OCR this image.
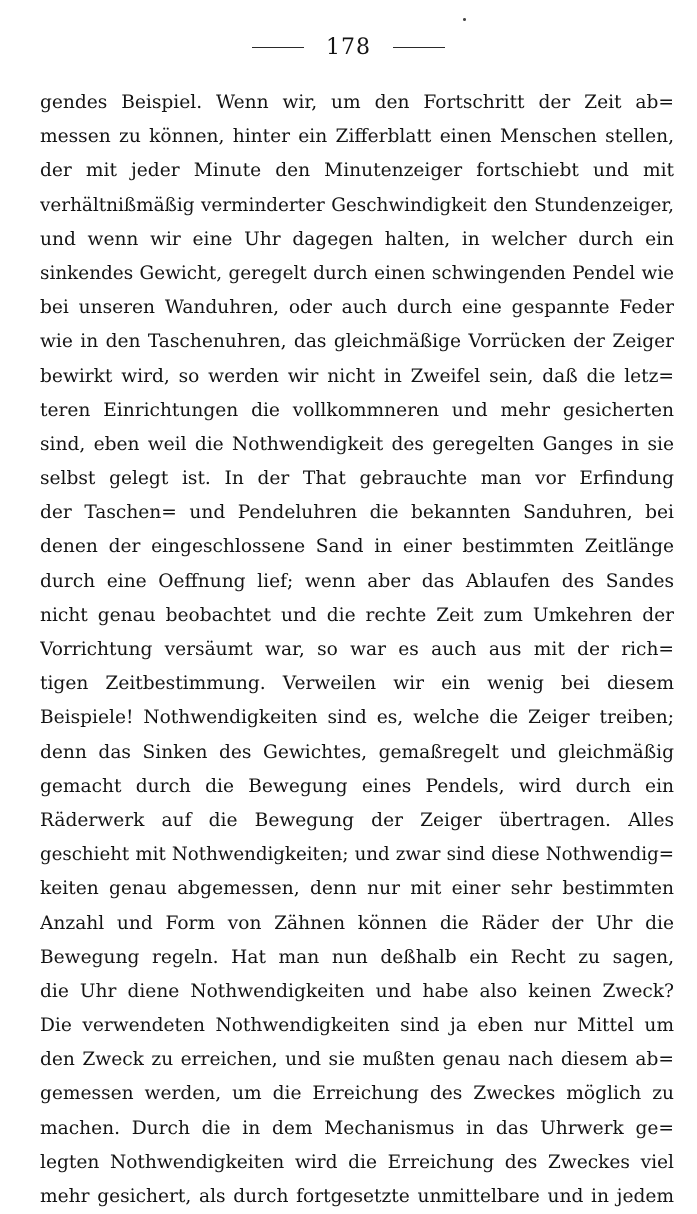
178
gendes Beispiel. Wenn wir, um den Fortschritt der Zeit ab=
messen zu können, hinter ein Zifferblatt einen Menschen stellen,
der mit jeder Minute den Minutenzeiger fortschiebt und mit
verhältnißmäßig verminderter Geschwindigkeit den Stundenzeiger,
und wenn wir eine Uhr dagegen halten, in welcher durch ein
sinkendes Gewicht, geregelt durch einen schwingenden Pendel wie
bei unseren Wanduhren, oder auch durch eine gespannte Feder
wie in den Taschenuhren, das gleichmäßige Vorrücken der Zeiger
bewirkt wird, so werden wir nicht in Zweifel sein, daß die letz=
teren Einrichtungen die vollkommneren und mehr gesicherten
sind, eben weil die Nothwendigkeit des geregelten Ganges in sie
selbst gelegt ist. In der That gebrauchte man vor Erfindung
der Taschen= und Pendeluhren die bekannten Sanduhren, bei
denen der eingeschlossene Sand in einer bestimmten Zeitlänge
durch eine Oeffnung lief; wenn aber das Ablaufen des Sandes
nicht genau beobachtet und die rechte Zeit zum Umkehren der
Vorrichtung versäumt war, so war es auch aus mit der rich=
tigen Zeitbestimmung. Verweilen wir ein wenig bei diesem
Beispiele! Nothwendigkeiten sind es, welche die Zeiger treiben;
denn das Sinken des Gewichtes, gemaßregelt und gleichmäßig
gemacht durch die Bewegung eines Pendels, wird durch ein
Räderwerk auf die Bewegung der Zeiger übertragen. Alles
geschieht mit Nothwendigkeiten; und zwar sind diese Nothwendig=
keiten genau abgemessen, denn nur mit einer sehr bestimmten
Anzahl und Form von Zähnen können die Räder der Uhr die
Bewegung regeln. Hat man nun deßhalb ein Recht zu sagen,
die Uhr diene Nothwendigkeiten und habe also keinen Zweck?
Die verwendeten Nothwendigkeiten sind ja eben nur Mittel um
den Zweck zu erreichen, und sie mußten genau nach diesem ab=
gemessen werden, um die Erreichung des Zweckes möglich zu
machen. Durch die in dem Mechanismus in das Uhrwerk ge=
legten Nothwendigkeiten wird die Erreichung des Zweckes viel
mehr gesichert, als durch fortgesetzte unmittelbare und in jedem
